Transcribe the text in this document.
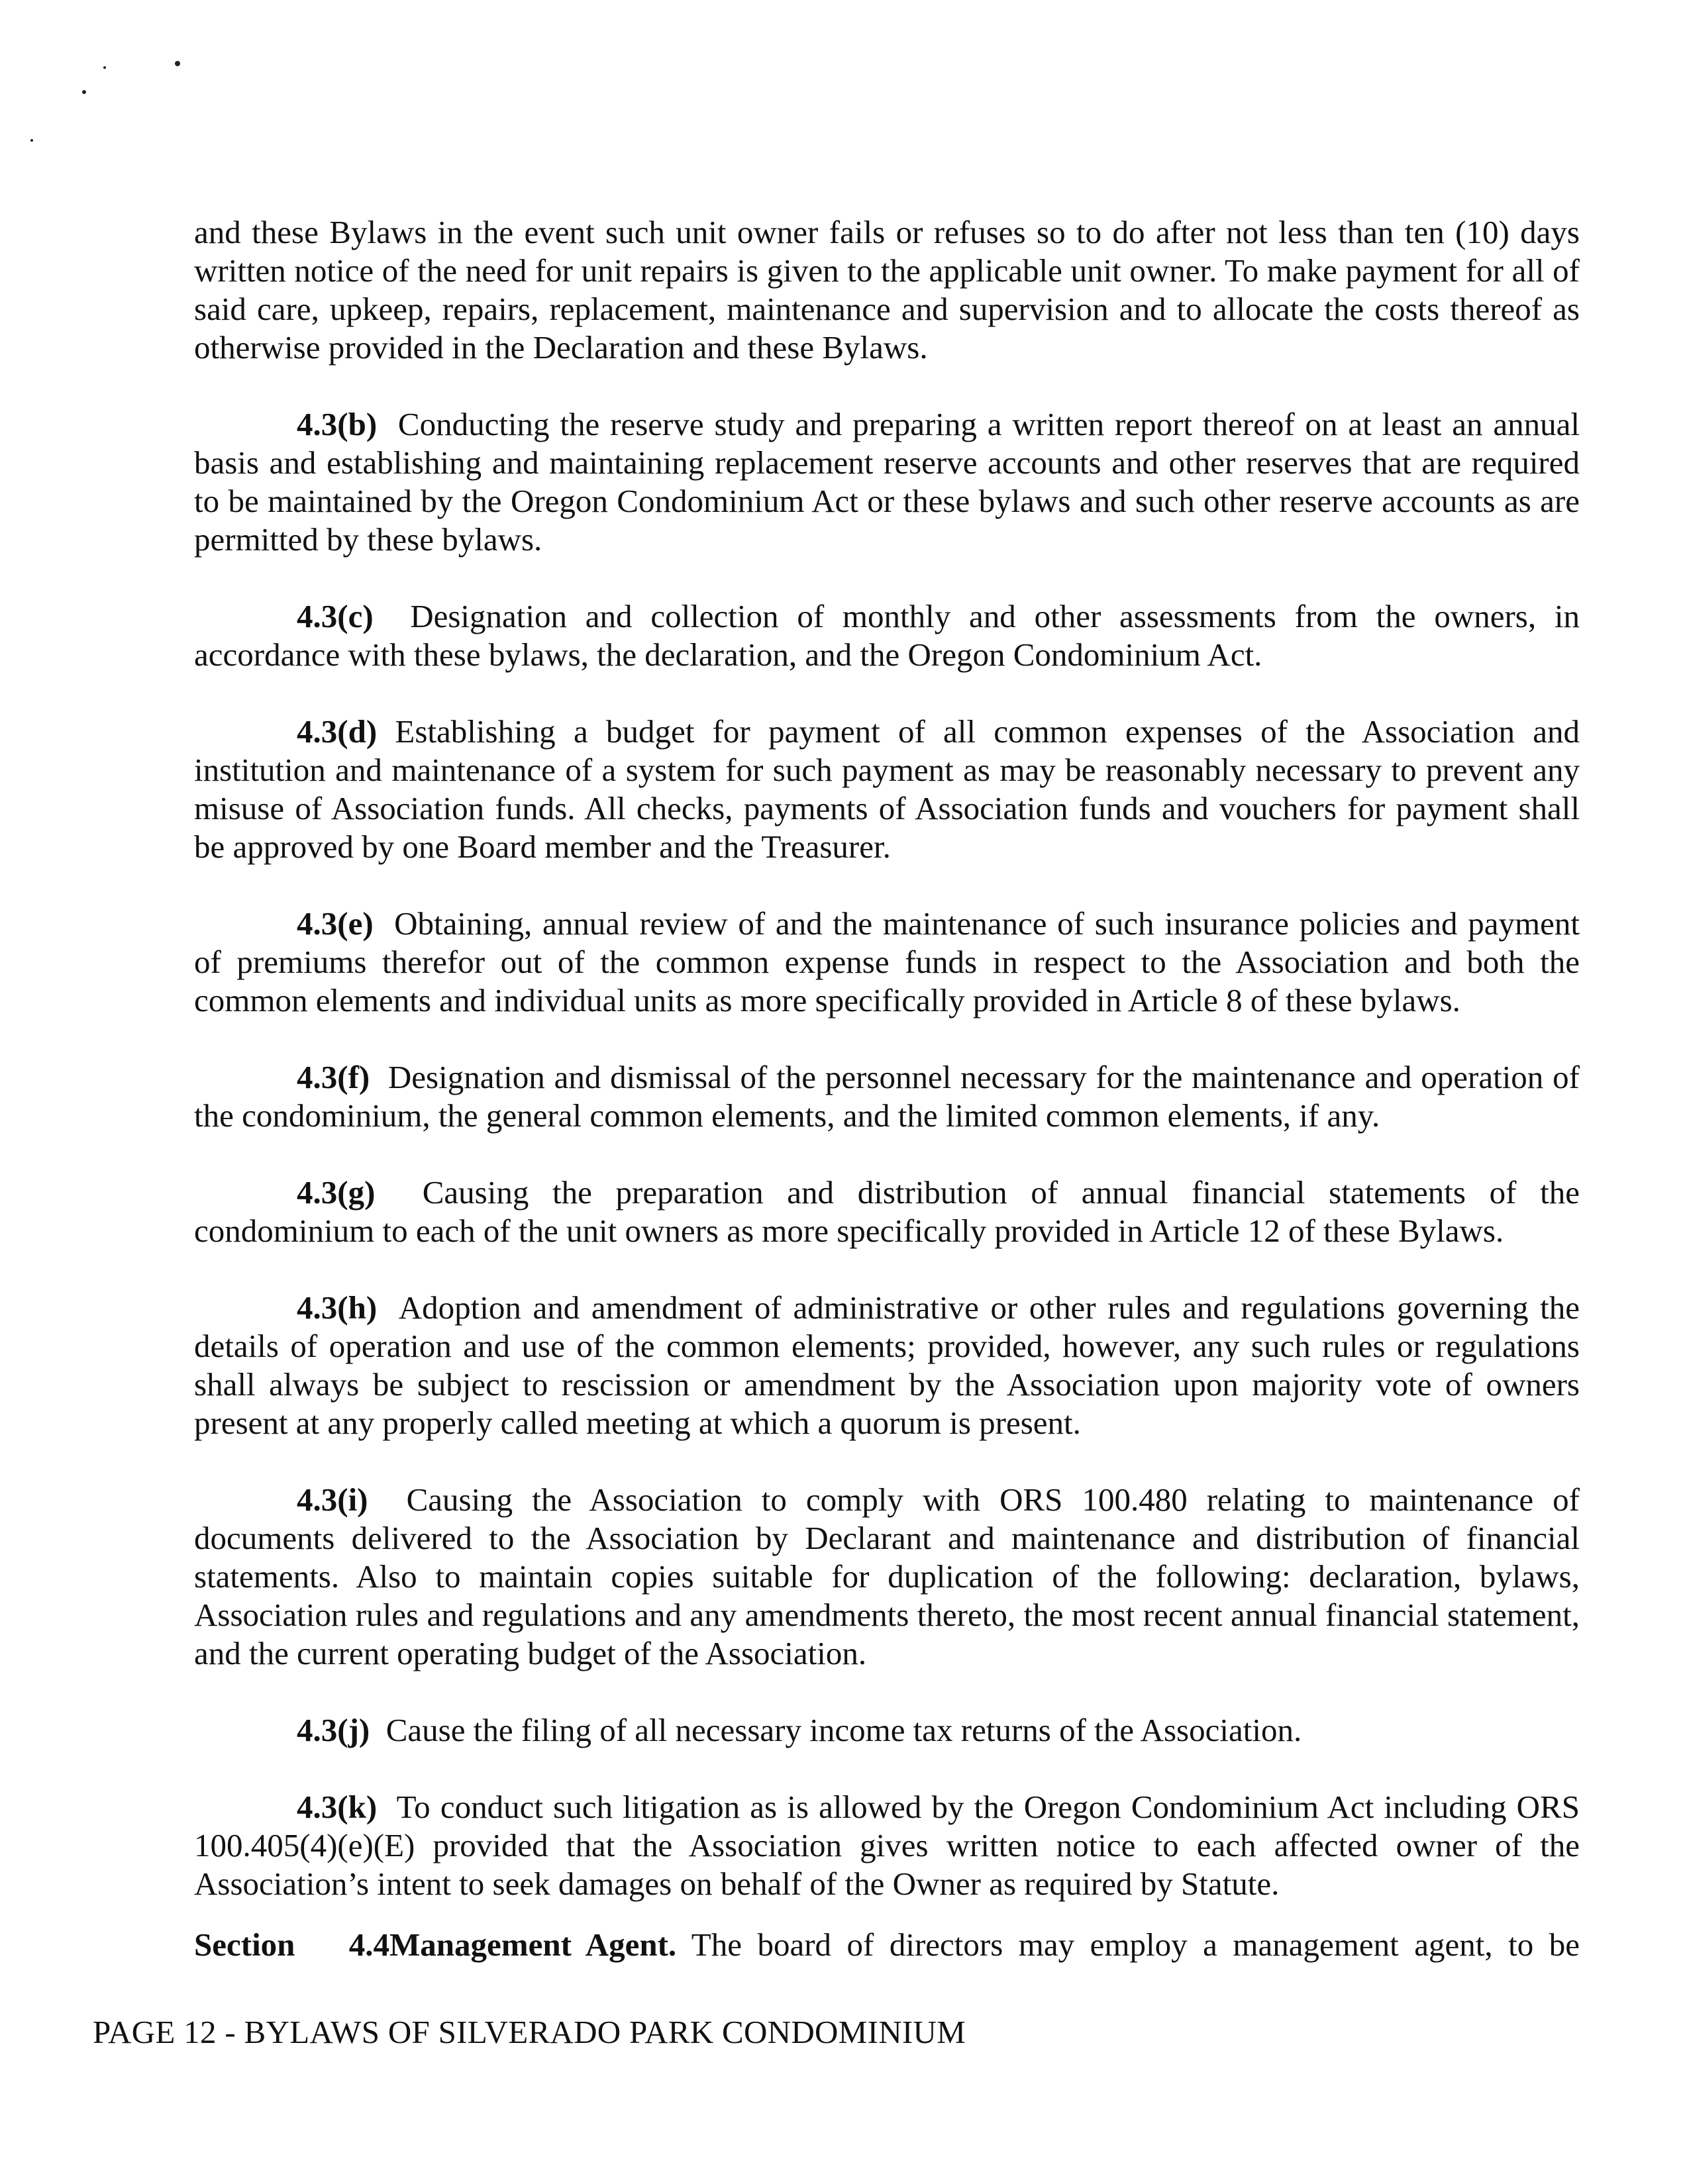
and these Bylaws in the event such unit owner fails or refuses so to do after not less than ten (10) days written notice of the need for unit repairs is given to the applicable unit owner. To make payment for all of said care, upkeep, repairs, replacement, maintenance and supervision and to allocate the costs thereof as otherwise provided in the Declaration and these Bylaws.

4.3(b) Conducting the reserve study and preparing a written report thereof on at least an annual basis and establishing and maintaining replacement reserve accounts and other reserves that are required to be maintained by the Oregon Condominium Act or these bylaws and such other reserve accounts as are permitted by these bylaws.

4.3(c) Designation and collection of monthly and other assessments from the owners, in accordance with these bylaws, the declaration, and the Oregon Condominium Act.

4.3(d) Establishing a budget for payment of all common expenses of the Association and institution and maintenance of a system for such payment as may be reasonably necessary to prevent any misuse of Association funds. All checks, payments of Association funds and vouchers for payment shall be approved by one Board member and the Treasurer.

4.3(e) Obtaining, annual review of and the maintenance of such insurance policies and payment of premiums therefor out of the common expense funds in respect to the Association and both the common elements and individual units as more specifically provided in Article 8 of these bylaws.

4.3(f) Designation and dismissal of the personnel necessary for the maintenance and operation of the condominium, the general common elements, and the limited common elements, if any.

4.3(g) Causing the preparation and distribution of annual financial statements of the condominium to each of the unit owners as more specifically provided in Article 12 of these Bylaws.

4.3(h) Adoption and amendment of administrative or other rules and regulations governing the details of operation and use of the common elements; provided, however, any such rules or regulations shall always be subject to rescission or amendment by the Association upon majority vote of owners present at any properly called meeting at which a quorum is present.

4.3(i) Causing the Association to comply with ORS 100.480 relating to maintenance of documents delivered to the Association by Declarant and maintenance and distribution of financial statements. Also to maintain copies suitable for duplication of the following: declaration, bylaws, Association rules and regulations and any amendments thereto, the most recent annual financial statement, and the current operating budget of the Association.

4.3(j) Cause the filing of all necessary income tax returns of the Association.

4.3(k) To conduct such litigation as is allowed by the Oregon Condominium Act including ORS 100.405(4)(e)(E) provided that the Association gives written notice to each affected owner of the Association’s intent to seek damages on behalf of the Owner as required by Statute.

Section 4.4Management Agent. The board of directors may employ a management agent, to be

PAGE 12 - BYLAWS OF SILVERADO PARK CONDOMINIUM
